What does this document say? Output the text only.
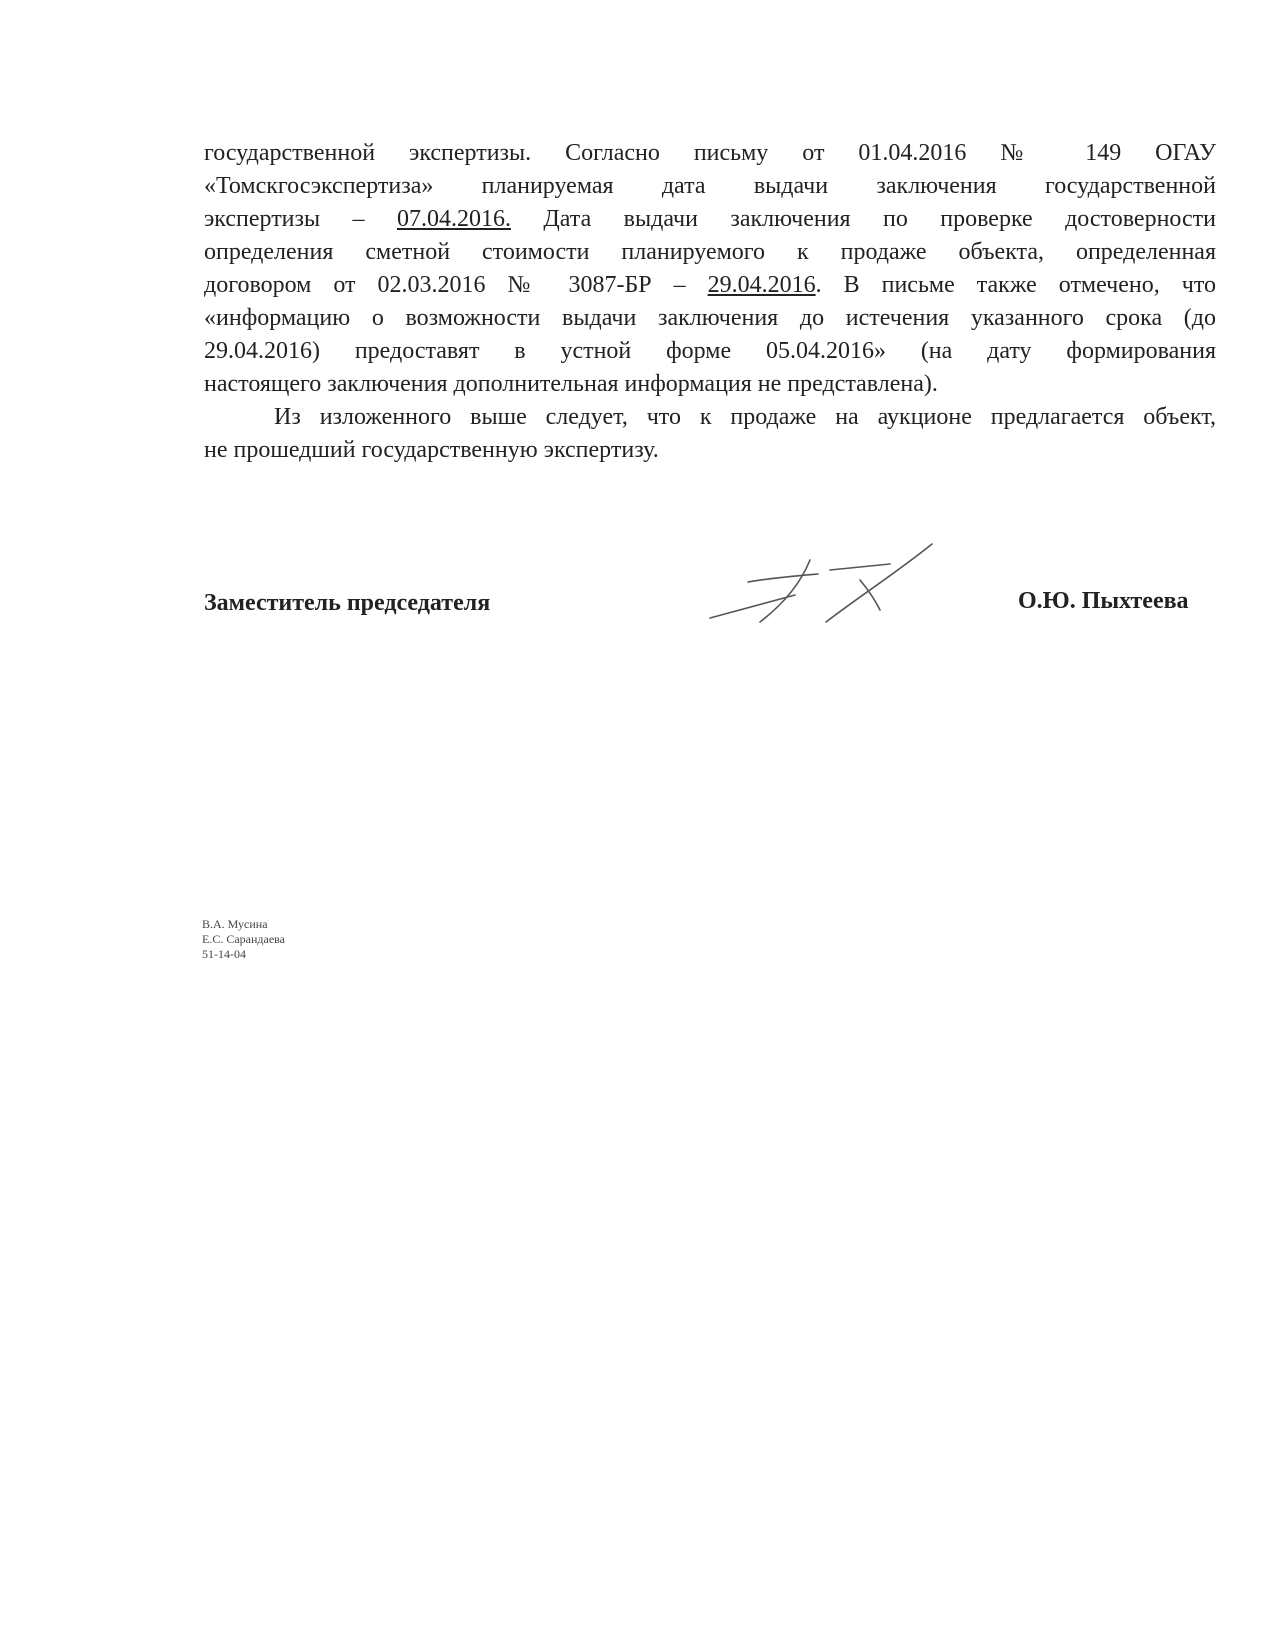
государственной экспертизы. Согласно письму от 01.04.2016 № 149 ОГАУ
«Томскгосэкспертиза» планируемая дата выдачи заключения государственной
экспертизы – 07.04.2016. Дата выдачи заключения по проверке достоверности
определения сметной стоимости планируемого к продаже объекта, определенная
договором от 02.03.2016 № 3087-БР – 29.04.2016. В письме также отмечено, что
«информацию о возможности выдачи заключения до истечения указанного срока (до
29.04.2016) предоставят в устной форме 05.04.2016» (на дату формирования
настоящего заключения дополнительная информация не представлена).
Из изложенного выше следует, что к продаже на аукционе предлагается объект,
не прошедший государственную экспертизу.
Заместитель председателя	О.Ю. Пыхтеева
В.А. Мусина
Е.С. Сарандаева
51-14-04
